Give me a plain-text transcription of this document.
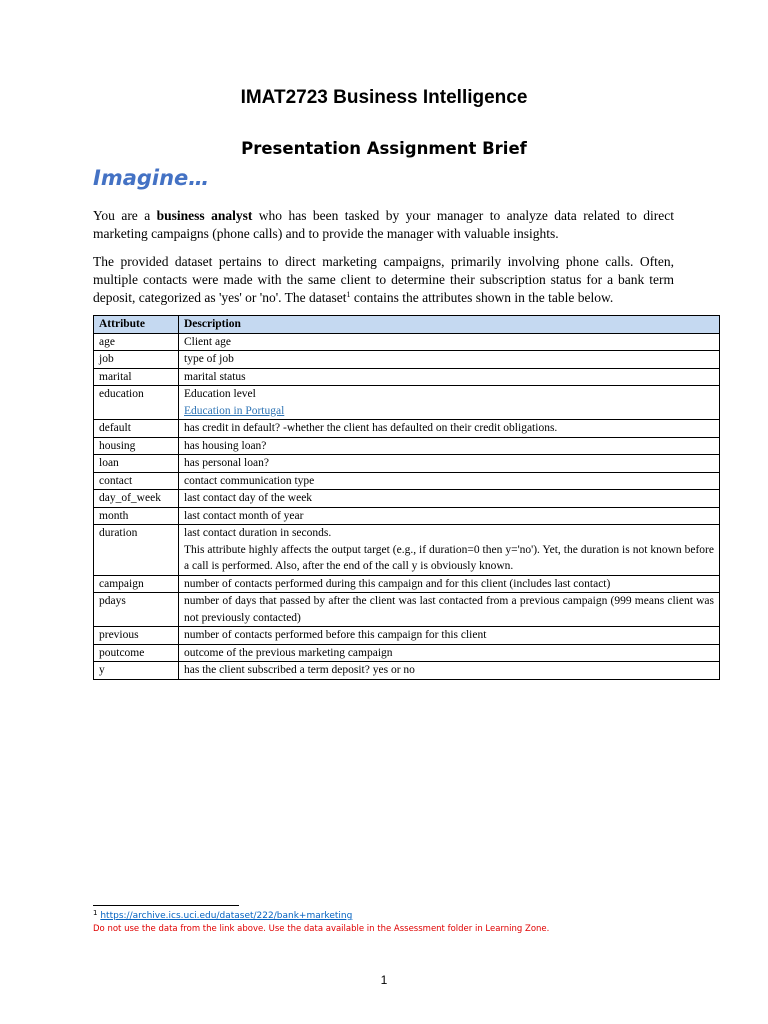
IMAT2723 Business Intelligence
Presentation Assignment Brief
Imagine…

You are a business analyst who has been tasked by your manager to analyze data related to direct marketing campaigns (phone calls) and to provide the manager with valuable insights.

The provided dataset pertains to direct marketing campaigns, primarily involving phone calls. Often, multiple contacts were made with the same client to determine their subscription status for a bank term deposit, categorized as 'yes' or 'no'. The dataset$^1$ contains the attributes shown in the table below.

Attribute	Description
age	Client age

job	type of job

marital	marital status

education	Education level
Education in Portugal

default	has credit in default? -whether the client has defaulted on their credit obligations.

housing	has housing loan?

loan	has personal loan?

contact	contact communication type

day_of_week	last contact day of the week

month	last contact month of year

duration	last contact duration in seconds.
This attribute highly affects the output target (e.g., if duration=0 then y='no'). Yet, the duration is not known before a call is performed. Also, after the end of the call y is obviously known.

campaign	number of contacts performed during this campaign and for this client (includes last contact)

pdays	number of days that passed by after the client was last contacted from a previous campaign (999 means client was not previously contacted)

previous	number of contacts performed before this campaign for this client

poutcome	outcome of the previous marketing campaign

y	has the client subscribed a term deposit? yes or no
$^1$ https://archive.ics.uci.edu/dataset/222/bank+marketing
Do not use the data from the link above. Use the data available in the Assessment folder in Learning Zone.
1
